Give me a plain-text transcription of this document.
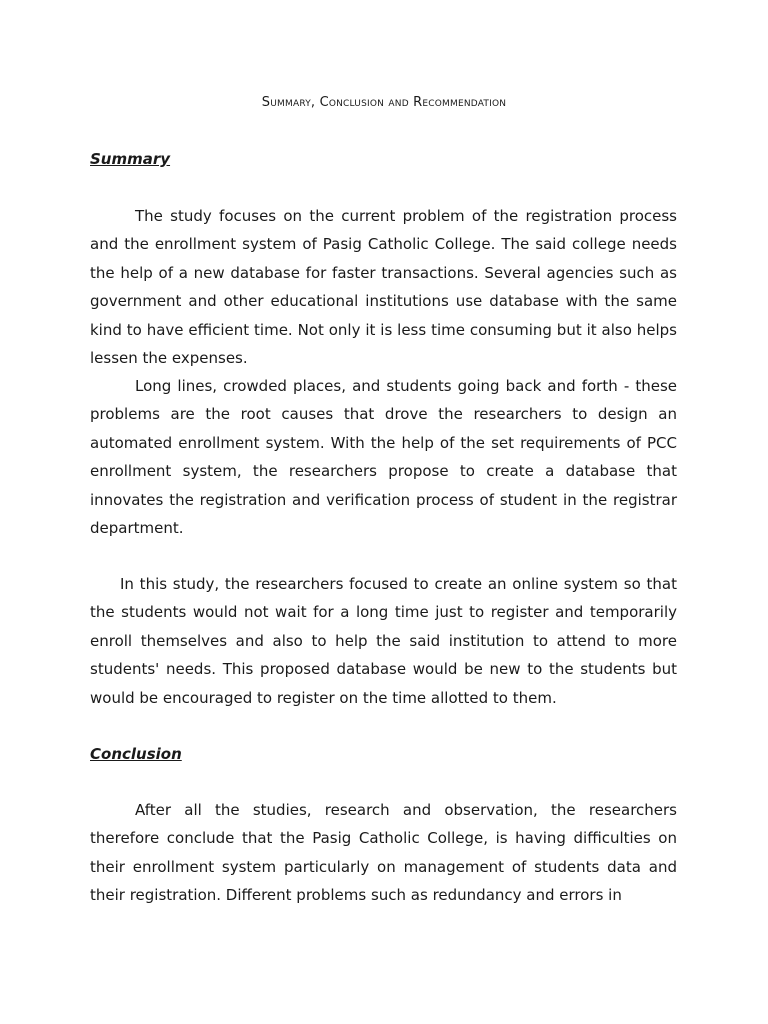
Summary, Conclusion and Recommendation
Summary

The study focuses on the current problem of the registration process and the enrollment system of Pasig Catholic College. The said college needs the help of a new database for faster transactions. Several agencies such as government and other educational institutions use database with the same kind to have efficient time. Not only it is less time consuming but it also helps lessen the expenses.

Long lines, crowded places, and students going back and forth - these problems are the root causes that drove the researchers to design an automated enrollment system. With the help of the set requirements of PCC enrollment system, the researchers propose to create a database that innovates the registration and verification process of student in the registrar department.

In this study, the researchers focused to create an online system so that the students would not wait for a long time just to register and temporarily enroll themselves and also to help the said institution to attend to more students' needs. This proposed database would be new to the students but would be encouraged to register on the time allotted to them.

Conclusion

After all the studies, research and observation, the researchers therefore conclude that the Pasig Catholic College, is having difficulties on their enrollment system particularly on management of students data and their registration. Different problems such as redundancy and errors in
